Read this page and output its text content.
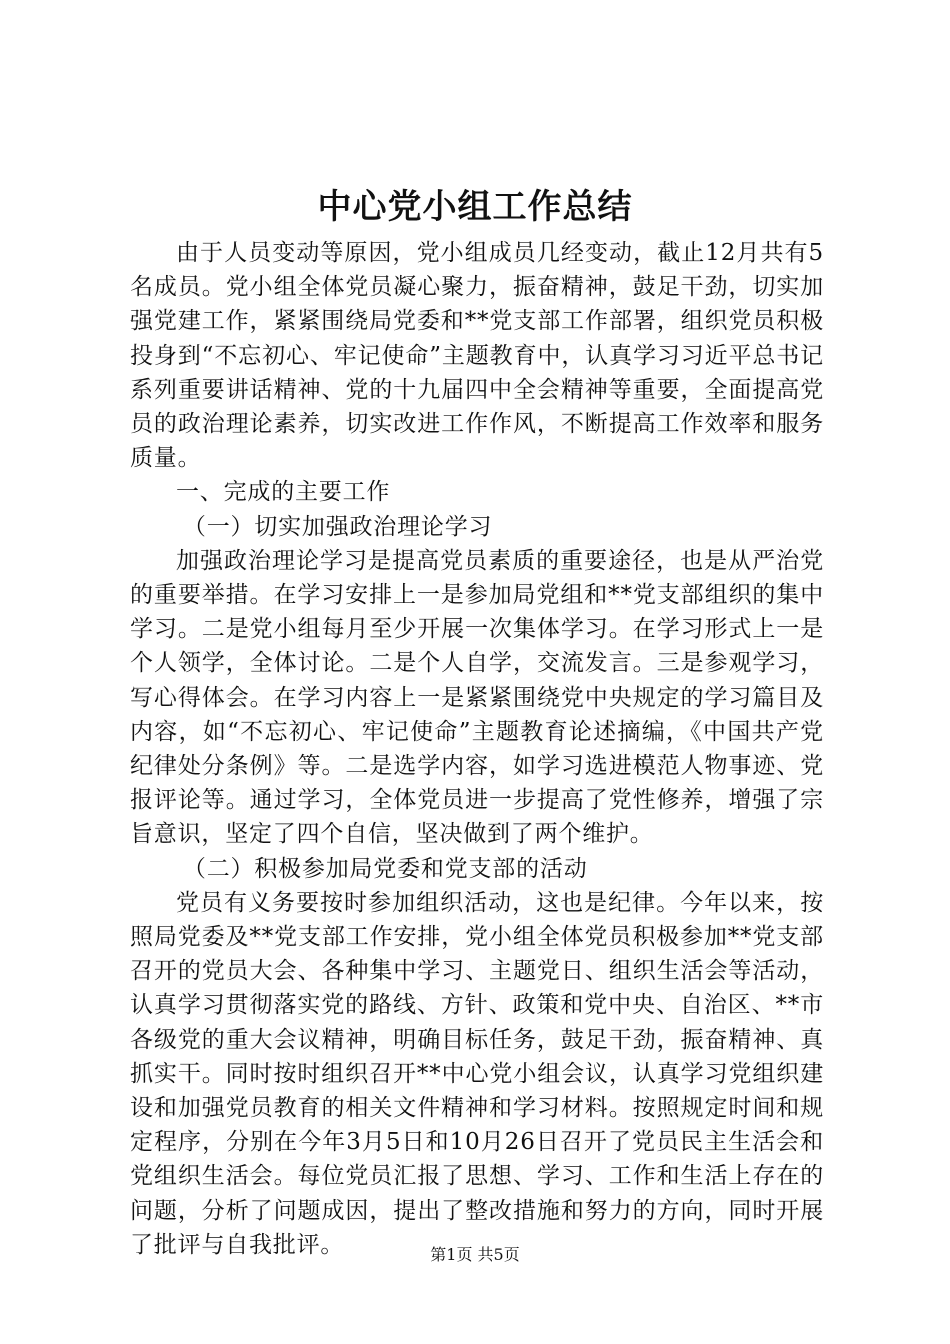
中心党小组工作总结

由于人员变动等原因，党小组成员几经变动，截止12月共有5名成员。党小组全体党员凝心聚力，振奋精神，鼓足干劲，切实加强党建工作，紧紧围绕局党委和**党支部工作部署，组织党员积极投身到“不忘初心、牢记使命”主题教育中，认真学习习近平总书记系列重要讲话精神、党的十九届四中全会精神等重要，全面提高党员的政治理论素养，切实改进工作作风，不断提高工作效率和服务质量。

一、完成的主要工作

（一）切实加强政治理论学习

加强政治理论学习是提高党员素质的重要途径，也是从严治党的重要举措。在学习安排上一是参加局党组和**党支部组织的集中学习。二是党小组每月至少开展一次集体学习。在学习形式上一是个人领学，全体讨论。二是个人自学，交流发言。三是参观学习，写心得体会。在学习内容上一是紧紧围绕党中央规定的学习篇目及内容，如“不忘初心、牢记使命”主题教育论述摘编，《中国共产党纪律处分条例》等。二是选学内容，如学习选进模范人物事迹、党报评论等。通过学习，全体党员进一步提高了党性修养，增强了宗旨意识，坚定了四个自信，坚决做到了两个维护。

（二）积极参加局党委和党支部的活动

党员有义务要按时参加组织活动，这也是纪律。今年以来，按照局党委及**党支部工作安排，党小组全体党员积极参加**党支部召开的党员大会、各种集中学习、主题党日、组织生活会等活动，认真学习贯彻落实党的路线、方针、政策和党中央、自治区、**市各级党的重大会议精神，明确目标任务，鼓足干劲，振奋精神、真抓实干。同时按时组织召开**中心党小组会议，认真学习党组织建设和加强党员教育的相关文件精神和学习材料。按照规定时间和规定程序，分别在今年3月5日和10月26日召开了党员民主生活会和党组织生活会。每位党员汇报了思想、学习、工作和生活上存在的问题，分析了问题成因，提出了整改措施和努力的方向，同时开展了批评与自我批评。	第1页 共5页
